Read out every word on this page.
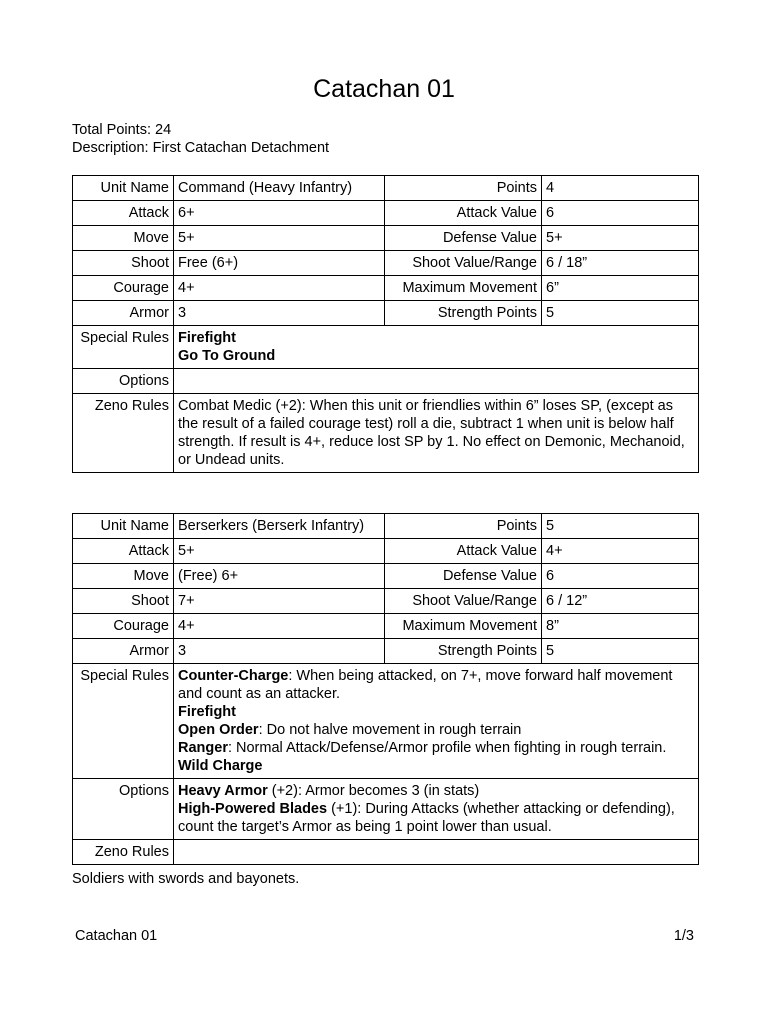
Catachan 01
Total Points: 24
Description: First Catachan Detachment
Unit Name	Command (Heavy Infantry)	Points	4
Attack	6+	Attack Value	6
Move	5+	Defense Value	5+
Shoot	Free (6+)	Shoot Value/Range	6 / 18”
Courage	4+	Maximum Movement	6”
Armor	3	Strength Points	5
Special Rules	Firefight
Go To Ground		

Options			
Zeno Rules	Combat Medic (+2): When this unit or friendlies within 6” loses SP, (except as the result of a failed courage test) roll a die, subtract 1 when unit is below half strength. If result is 4+, reduce lost SP by 1. No effect on Demonic, Mechanoid, or Undead units.		
Unit Name	Berserkers (Berserk Infantry)	Points	5
Attack	5+	Attack Value	4+
Move	(Free) 6+	Defense Value	6
Shoot	7+	Shoot Value/Range	6 / 12”
Courage	4+	Maximum Movement	8”
Armor	3	Strength Points	5
Special Rules	Counter-Charge: When being attacked, on 7+, move forward half movement and count as an attacker.
Firefight
Open Order: Do not halve movement in rough terrain
Ranger: Normal Attack/Defense/Armor profile when fighting in rough terrain.
Wild Charge		

Options	Heavy Armor (+2): Armor becomes 3 (in stats)
High-Powered Blades (+1): During Attacks (whether attacking or defending), count the target’s Armor as being 1 point lower than usual.		

Zeno Rules			
Soldiers with swords and bayonets.
Catachan 01	1/3
